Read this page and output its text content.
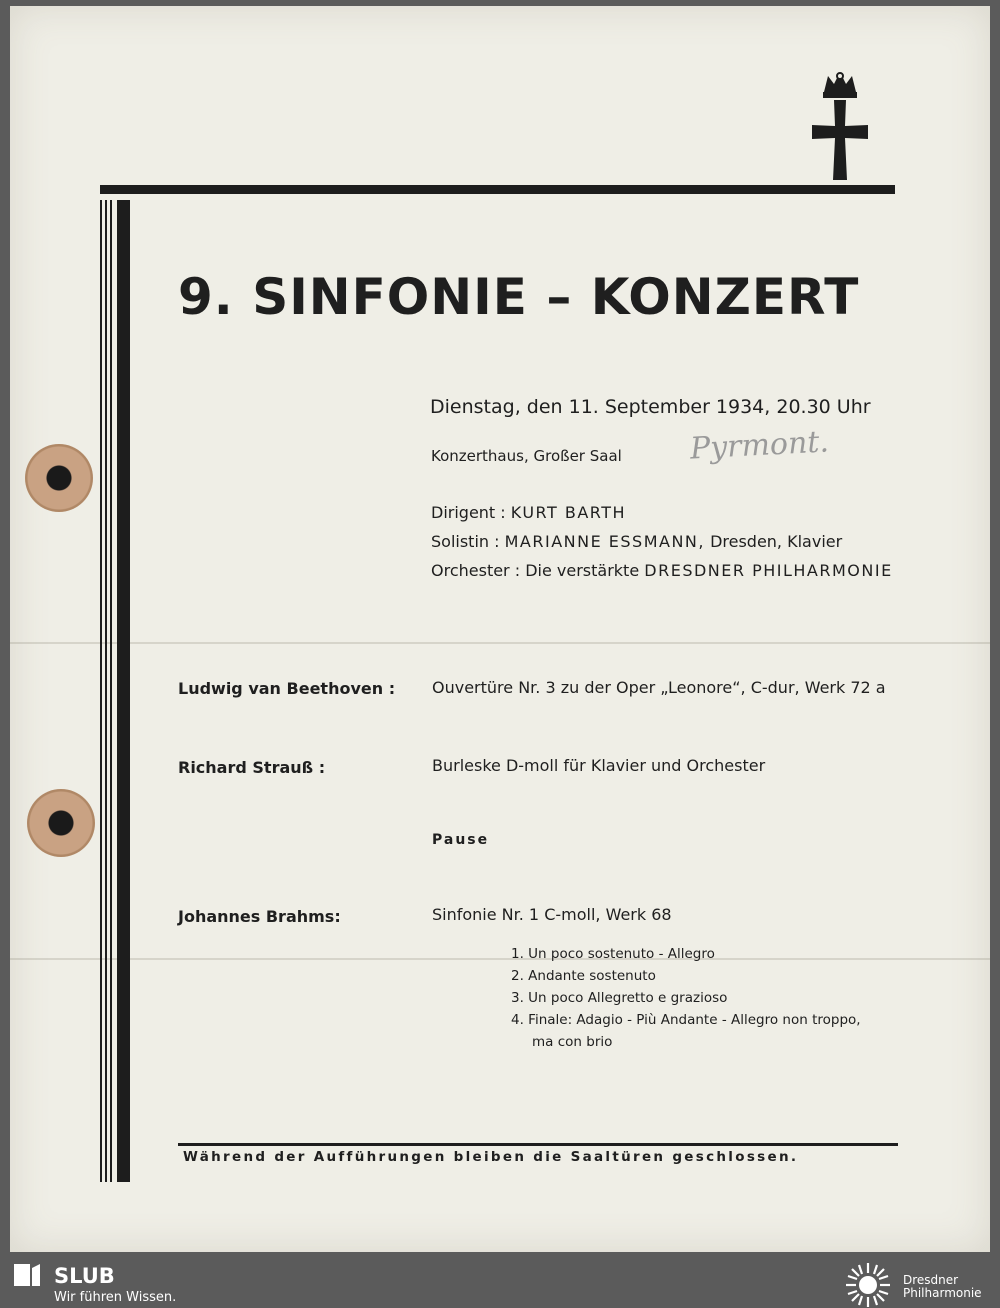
9. SINFONIE – KONZERT
Dienstag, den 11. September 1934, 20.30 Uhr
Konzerthaus, Großer Saal Pyrmont.
Dirigent : KURT BARTH
Solistin : MARIANNE ESSMANN, Dresden, Klavier
Orchester : Die verstärkte DRESDNER PHILHARMONIE
Ludwig van Beethoven : Ouvertüre Nr. 3 zu der Oper „Leonore“, C-dur, Werk 72 a
Richard Strauß :	Burleske D-moll für Klavier und Orchester
Pause
Johannes Brahms:	Sinfonie Nr. 1 C-moll, Werk 68
1. Un poco sostenuto - Allegro
2. Andante sostenuto
3. Un poco Allegretto e grazioso
4. Finale: Adagio - Più Andante - Allegro non troppo,
ma con brio
Während der Aufführungen bleiben die Saaltüren geschlossen.
SLUB
Wir führen Wissen.
Dresdner
Philharmonie
